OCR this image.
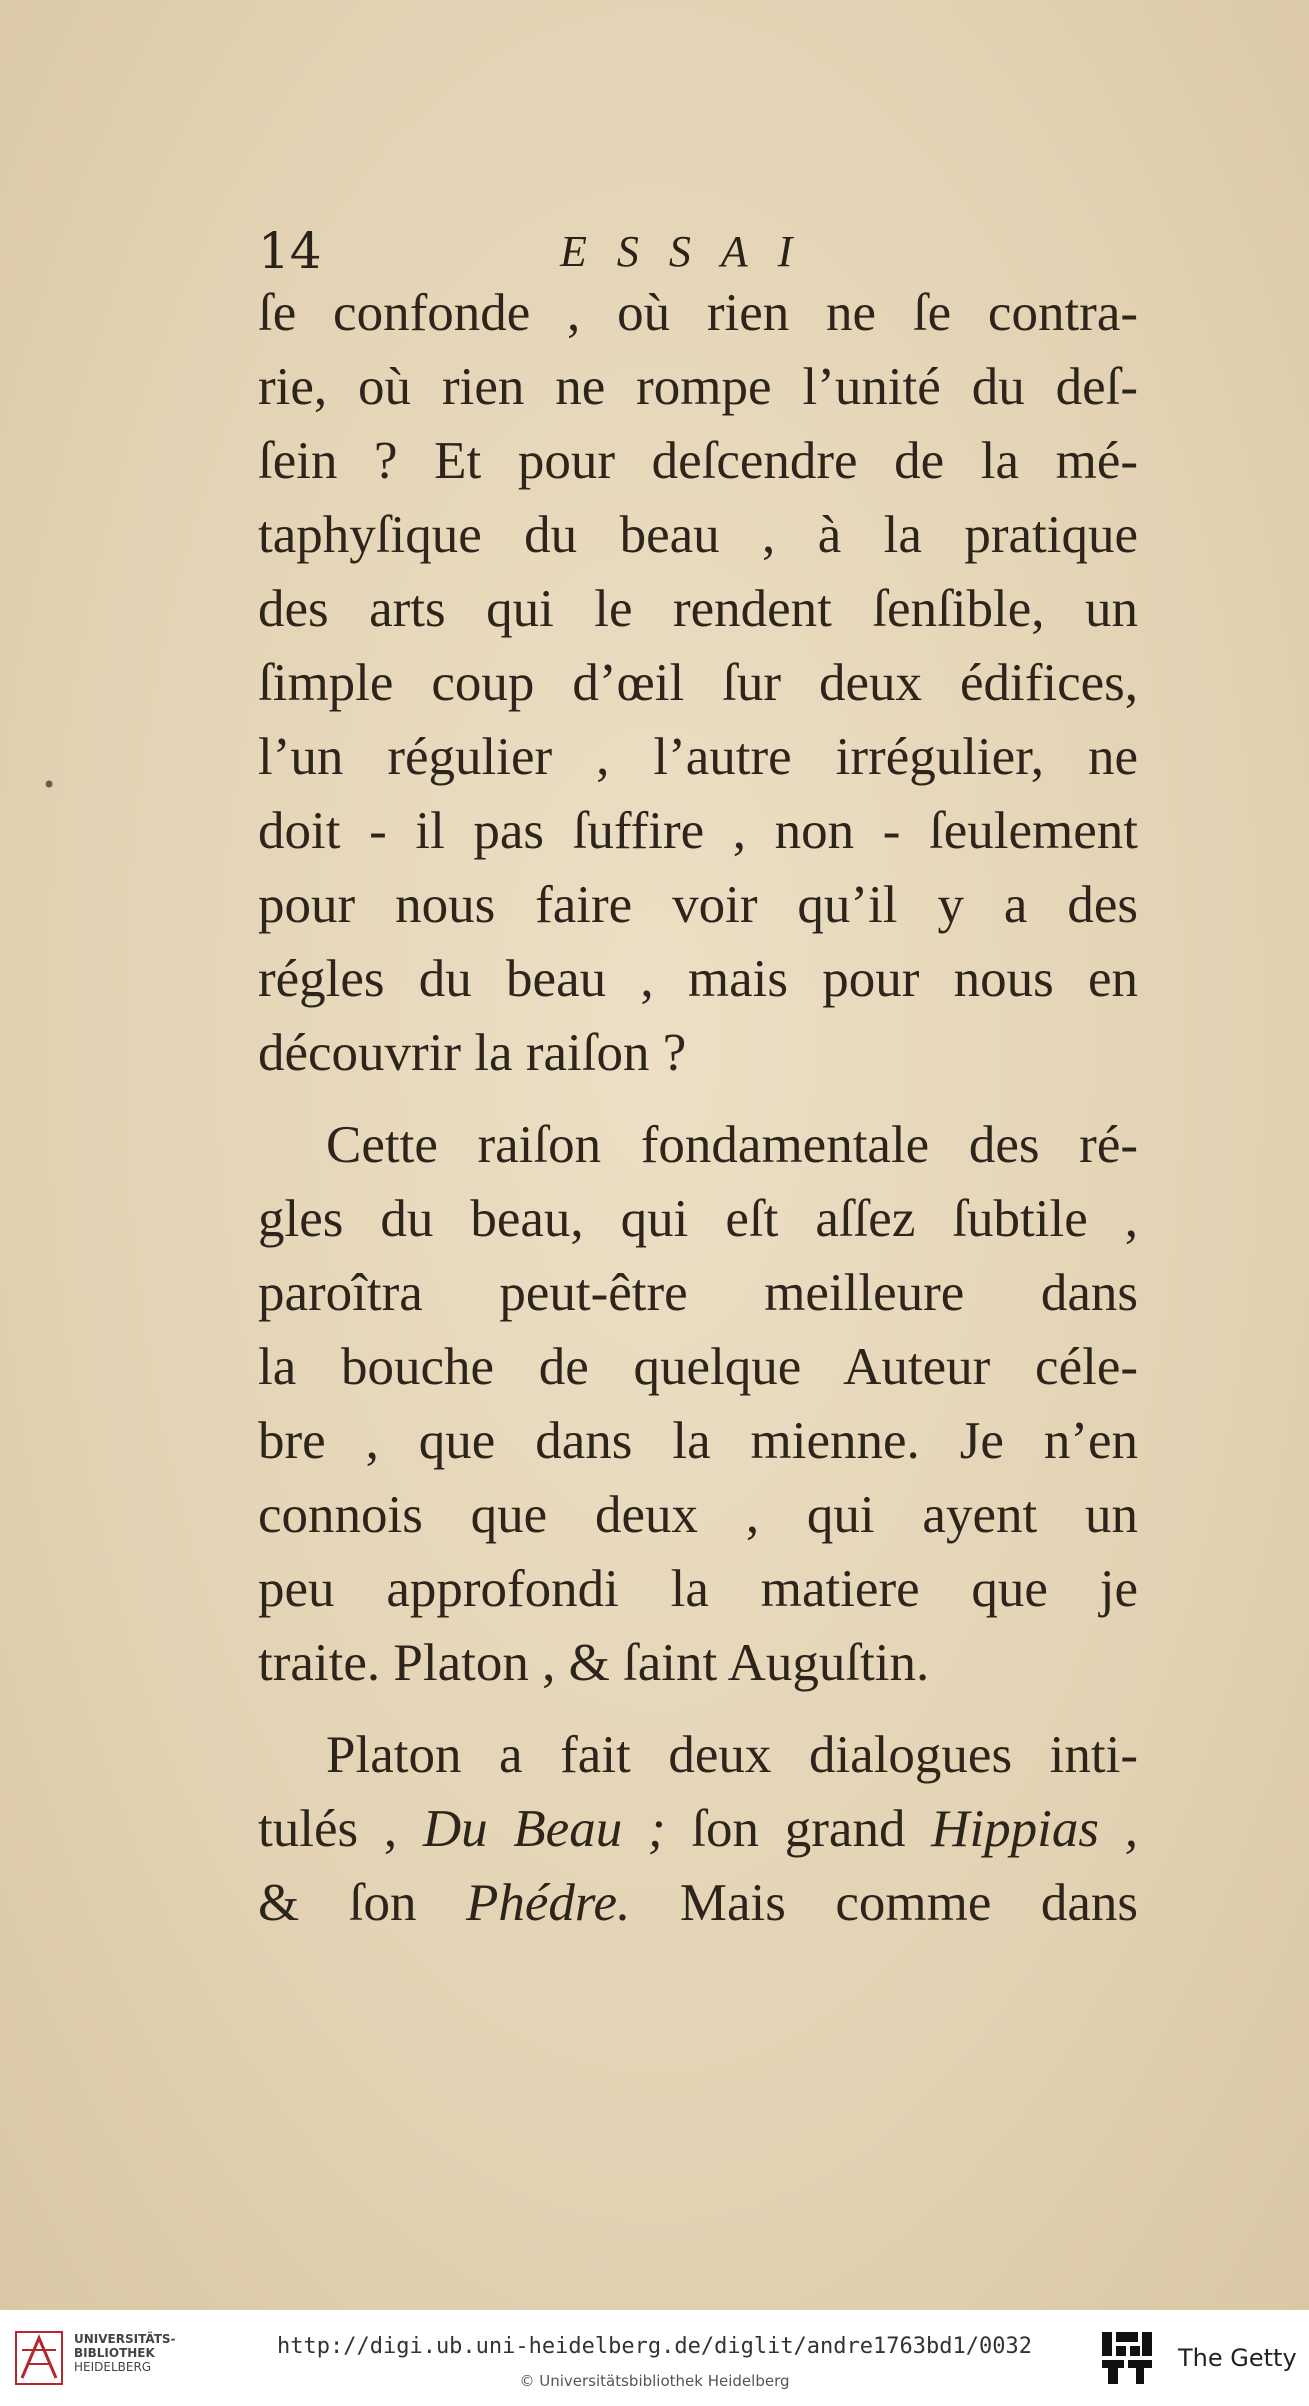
14	ESSAI
•
ſe confonde , où rien ne ſe contra-
rie, où rien ne rompe l’unité du deſ-
ſein ? Et pour deſcendre de la mé-
taphyſique du beau , à la pratique
des arts qui le rendent ſenſible, un
ſimple coup d’œil ſur deux édifices,
l’un régulier , l’autre irrégulier, ne
doit - il pas ſuffire , non - ſeulement
pour nous faire voir qu’il y a des
régles du beau , mais pour nous en
découvrir la raiſon ?
Cette raiſon fondamentale des ré-
gles du beau, qui eſt aſſez ſubtile ,
paroîtra peut-être meilleure dans
la bouche de quelque Auteur céle-
bre , que dans la mienne. Je n’en
connois que deux , qui ayent un
peu approfondi la matiere que je
traite. Platon , & ſaint Auguſtin.
Platon a fait deux dialogues inti-
tulés , Du Beau ; ſon grand Hippias ,
& ſon Phédre. Mais comme dans
UNIVERSITÄTS-
BIBLIOTHEK
HEIDELBERG
http://digi.ub.uni-heidelberg.de/diglit/andre1763bd1/0032
© Universitätsbibliothek Heidelberg
The Getty
